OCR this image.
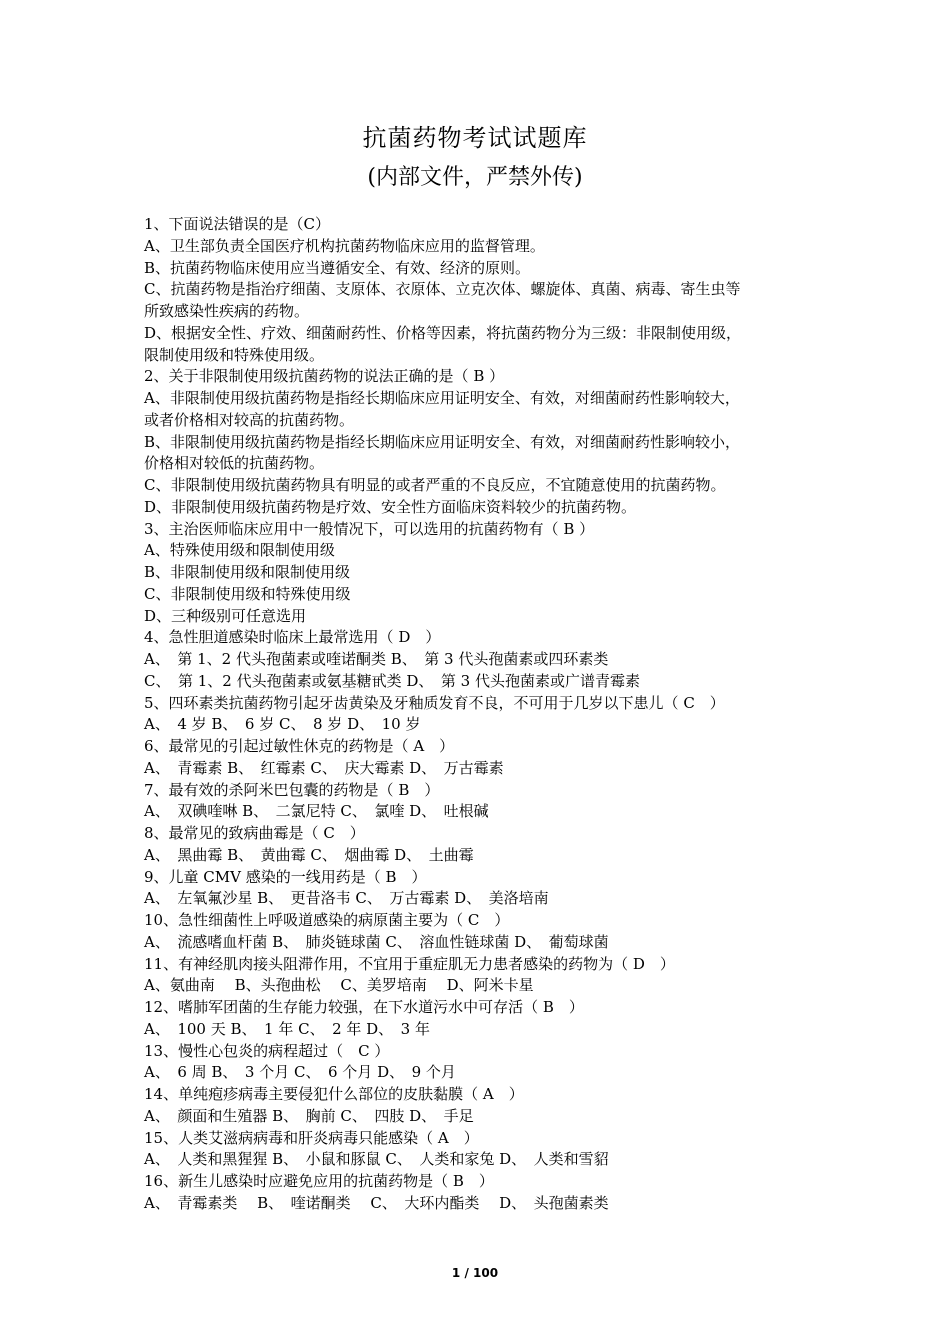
抗菌药物考试试题库
(内部文件，严禁外传)
1、下面说法错误的是（C）
A、卫生部负责全国医疗机构抗菌药物临床应用的监督管理。
B、抗菌药物临床使用应当遵循安全、有效、经济的原则。
C、抗菌药物是指治疗细菌、支原体、衣原体、立克次体、螺旋体、真菌、病毒、寄生虫等
所致感染性疾病的药物。
D、根据安全性、疗效、细菌耐药性、价格等因素，将抗菌药物分为三级：非限制使用级，
限制使用级和特殊使用级。
2、关于非限制使用级抗菌药物的说法正确的是（ B ）
A、非限制使用级抗菌药物是指经长期临床应用证明安全、有效，对细菌耐药性影响较大，
或者价格相对较高的抗菌药物。
B、非限制使用级抗菌药物是指经长期临床应用证明安全、有效，对细菌耐药性影响较小，
价格相对较低的抗菌药物。
C、非限制使用级抗菌药物具有明显的或者严重的不良反应，不宜随意使用的抗菌药物。
D、非限制使用级抗菌药物是疗效、安全性方面临床资料较少的抗菌药物。
3、主治医师临床应用中一般情况下，可以选用的抗菌药物有（ B ）
A、特殊使用级和限制使用级
B、非限制使用级和限制使用级
C、非限制使用级和特殊使用级
D、三种级别可任意选用
4、急性胆道感染时临床上最常选用（ D　）
A、　第 1、2 代头孢菌素或喹诺酮类 B、　第 3 代头孢菌素或四环素类
C、　第 1、2 代头孢菌素或氨基糖甙类 D、　第 3 代头孢菌素或广谱青霉素
5、四环素类抗菌药物引起牙齿黄染及牙釉质发育不良，不可用于几岁以下患儿（ C　）
A、　4 岁 B、　6 岁 C、　8 岁 D、　10 岁
6、最常见的引起过敏性休克的药物是（ A　）
A、　青霉素 B、　红霉素 C、　庆大霉素 D、　万古霉素
7、最有效的杀阿米巴包囊的药物是（ B　）
A、　双碘喹啉 B、　二氯尼特 C、　氯喹 D、　吐根碱
8、最常见的致病曲霉是（ C　）
A、　黑曲霉 B、　黄曲霉 C、　烟曲霉 D、　土曲霉
9、儿童 CMV 感染的一线用药是（ B　）
A、　左氧氟沙星 B、　更昔洛韦 C、　万古霉素 D、　美洛培南
10、急性细菌性上呼吸道感染的病原菌主要为（ C　）
A、　流感嗜血杆菌 B、　肺炎链球菌 C、　溶血性链球菌 D、　葡萄球菌
11、有神经肌肉接头阻滞作用，不宜用于重症肌无力患者感染的药物为（ D　）
A、氨曲南　 B、头孢曲松　 C、美罗培南　 D、阿米卡星
12、嗜肺军团菌的生存能力较强，在下水道污水中可存活（ B　）
A、　100 天 B、　1 年 C、　2 年 D、　3 年
13、慢性心包炎的病程超过（　C ）
A、　6 周 B、　3 个月 C、　6 个月 D、　9 个月
14、单纯疱疹病毒主要侵犯什么部位的皮肤黏膜（ A　）
A、　颜面和生殖器 B、　胸前 C、　四肢 D、　手足
15、人类艾滋病病毒和肝炎病毒只能感染（ A　）
A、　人类和黑猩猩 B、　小鼠和豚鼠 C、　人类和家兔 D、　人类和雪貂
16、新生儿感染时应避免应用的抗菌药物是（ B　）
A、　青霉素类　 B、　喹诺酮类　 C、　大环内酯类　 D、　头孢菌素类
1 / 100
